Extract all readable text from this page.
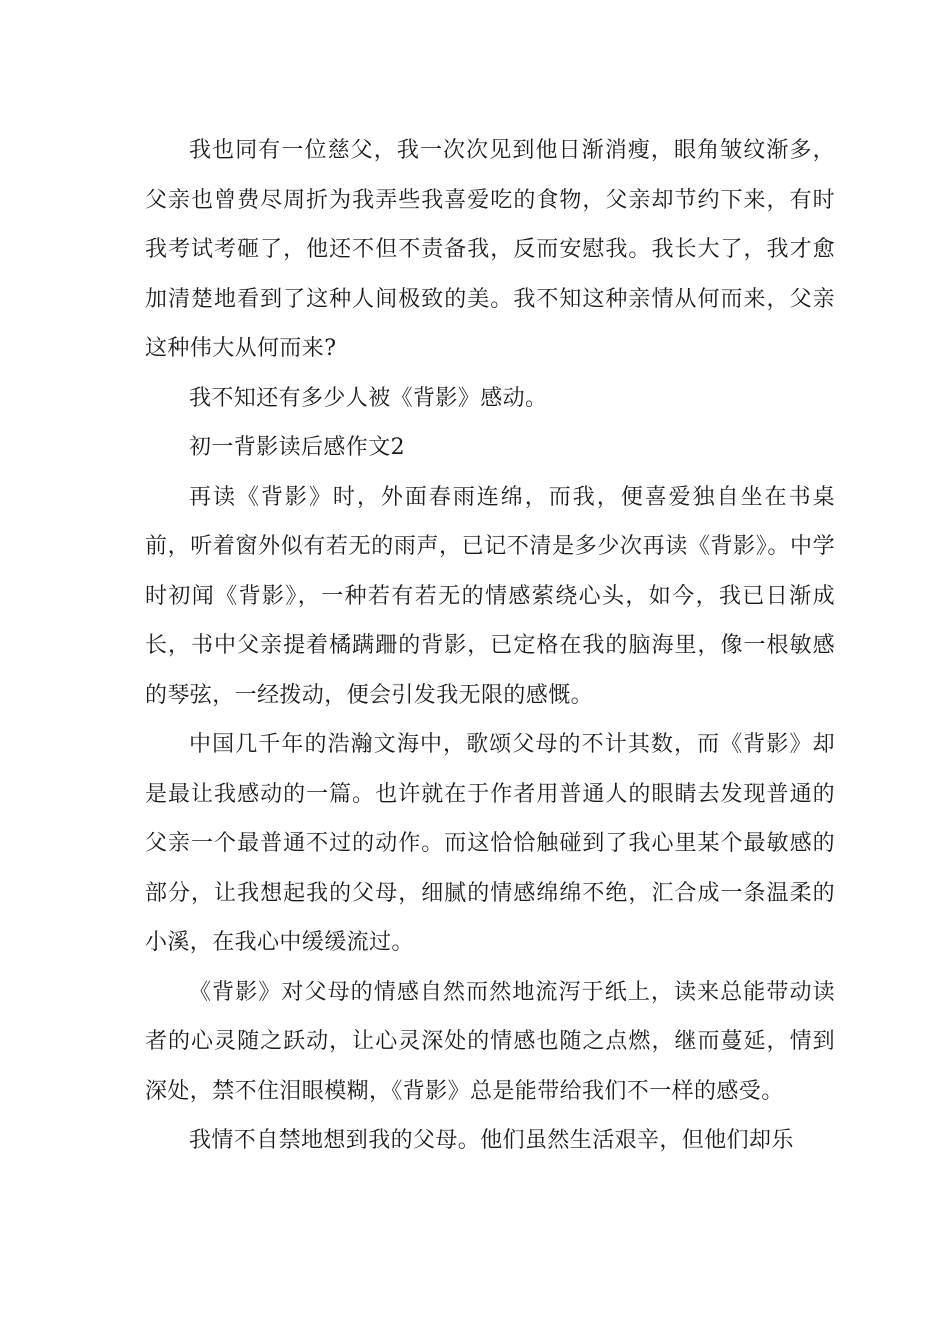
我也同有一位慈父，我一次次见到他日渐消瘦，眼角皱纹渐多，父亲也曾费尽周折为我弄些我喜爱吃的食物，父亲却节约下来，有时我考试考砸了，他还不但不责备我，反而安慰我。我长大了，我才愈加清楚地看到了这种人间极致的美。我不知这种亲情从何而来，父亲这种伟大从何而来?

我不知还有多少人被《背影》感动。

初一背影读后感作文2

再读《背影》时，外面春雨连绵，而我，便喜爱独自坐在书桌前，听着窗外似有若无的雨声，已记不清是多少次再读《背影》。中学时初闻《背影》，一种若有若无的情感萦绕心头，如今，我已日渐成长，书中父亲提着橘蹒跚的背影，已定格在我的脑海里，像一根敏感的琴弦，一经拨动，便会引发我无限的感慨。

中国几千年的浩瀚文海中，歌颂父母的不计其数，而《背影》却是最让我感动的一篇。也许就在于作者用普通人的眼睛去发现普通的父亲一个最普通不过的动作。而这恰恰触碰到了我心里某个最敏感的部分，让我想起我的父母，细腻的情感绵绵不绝，汇合成一条温柔的小溪，在我心中缓缓流过。

《背影》对父母的情感自然而然地流泻于纸上，读来总能带动读者的心灵随之跃动，让心灵深处的情感也随之点燃，继而蔓延，情到深处，禁不住泪眼模糊，《背影》总是能带给我们不一样的感受。

我情不自禁地想到我的父母。他们虽然生活艰辛，但他们却乐
